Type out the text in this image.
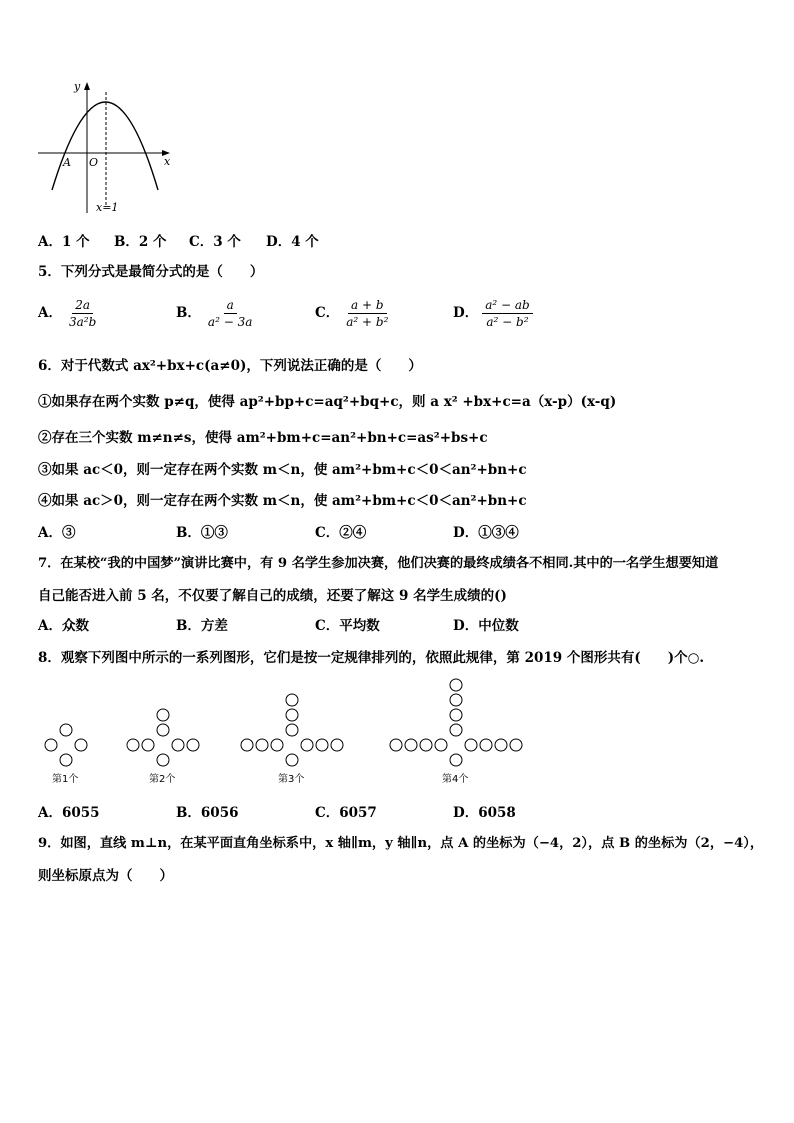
y
x
A O
x=1
A．1 个 B．2 个 C．3 个 D．4 个
5．下列分式是最简分式的是（　　）
A． $\frac{2a}{\text{3a²b}}$	B． $\frac{a}{\text{a² − 3a}}$	C． $\frac{a + b}{\text{a² + b²}}$	D． $\frac{\text{a² − ab}}{\text{a² − b²}}$
6．对于代数式 ax²+bx+c(a≠0)，下列说法正确的是（　　）
①如果存在两个实数 p≠q，使得 ap²+bp+c=aq²+bq+c，则 a x² +bx+c=a（x-p）(x-q)
②存在三个实数 m≠n≠s，使得 am²+bm+c=an²+bn+c=as²+bs+c
③如果 ac＜0，则一定存在两个实数 m＜n，使 am²+bm+c＜0＜an²+bn+c
④如果 ac＞0，则一定存在两个实数 m＜n，使 am²+bm+c＜0＜an²+bn+c
A．③	B．①③	C．②④	D．①③④
7．在某校“我的中国梦”演讲比赛中，有 9 名学生参加决赛，他们决赛的最终成绩各不相同.其中的一名学生想要知道
自己能否进入前 5 名，不仅要了解自己的成绩，还要了解这 9 名学生成绩的()
A．众数	B．方差	C．平均数	D．中位数
8．观察下列图中所示的一系列图形，它们是按一定规律排列的，依照此规律，第 2019 个图形共有(　　)个○.
第1个	第2个	第3个	第4个
A．6055	B．6056	C．6057	D．6058
9．如图，直线 m⊥n，在某平面直角坐标系中，x 轴∥m，y 轴∥n，点 A 的坐标为（−4，2），点 B 的坐标为（2，−4），
则坐标原点为（　　）
